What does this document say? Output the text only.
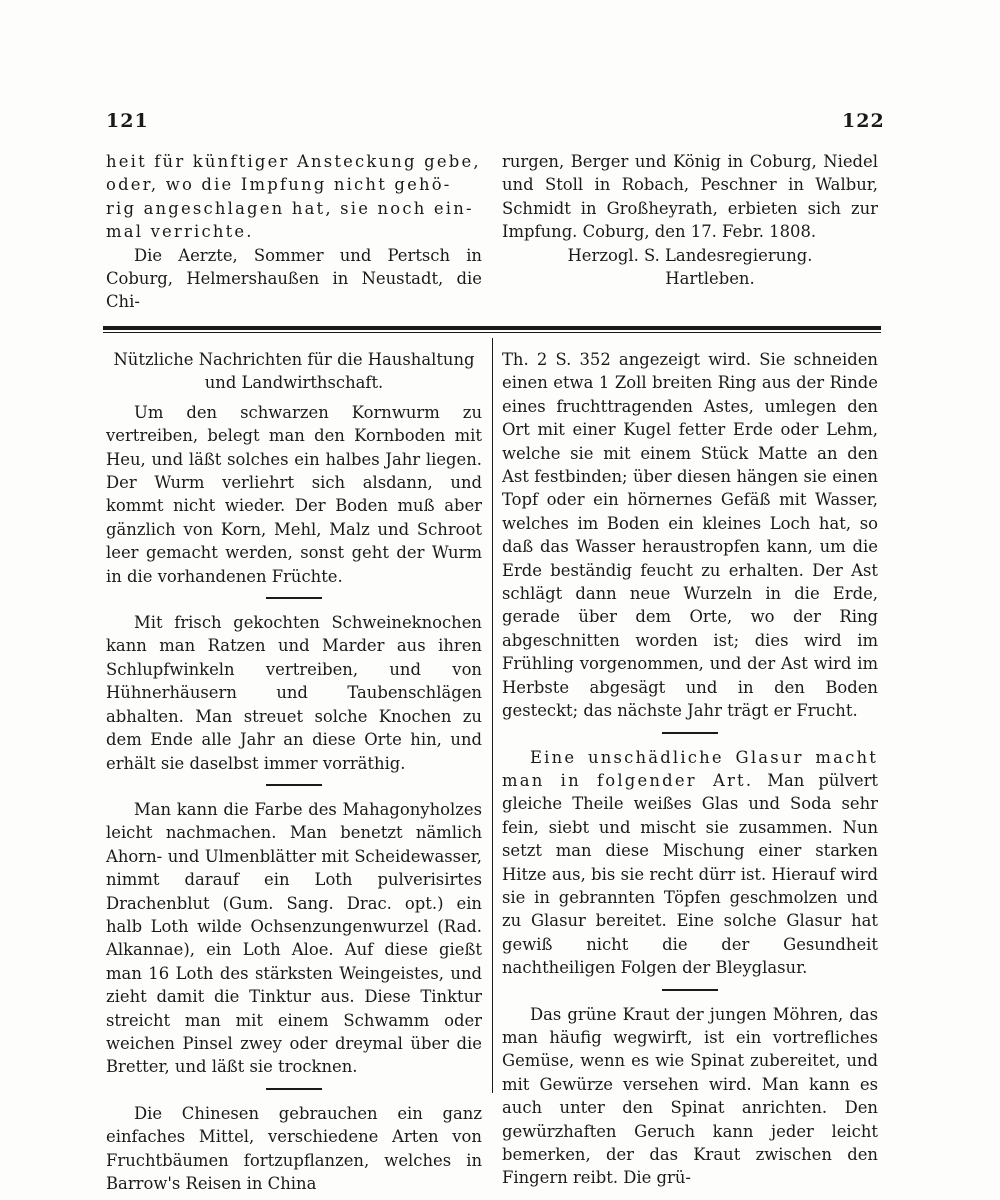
121	122

heit für künftiger Ansteckung gebe,

oder, wo die Impfung nicht gehö-

rig angeschlagen hat, sie noch ein-

mal verrichte.

Die Aerzte, Sommer und Pertsch in Coburg, Helmershaußen in Neustadt, die Chi-

rurgen, Berger und König in Coburg, Niedel und Stoll in Robach, Peschner in Walbur, Schmidt in Großheyrath, erbieten sich zur Impfung. Coburg, den 17. Febr. 1808.

Herzogl. S. Landesregierung.

Hartleben.

Nützliche Nachrichten für die Haushaltung
und Landwirthschaft.

Um den schwarzen Kornwurm zu vertreiben, belegt man den Kornboden mit Heu, und läßt solches ein halbes Jahr liegen. Der Wurm verliehrt sich alsdann, und kommt nicht wieder. Der Boden muß aber gänzlich von Korn, Mehl, Malz und Schroot leer gemacht werden, sonst geht der Wurm in die vorhandenen Früchte.

Mit frisch gekochten Schweineknochen kann man Ratzen und Marder aus ihren Schlupfwinkeln vertreiben, und von Hühnerhäusern und Taubenschlägen abhalten. Man streuet solche Knochen zu dem Ende alle Jahr an diese Orte hin, und erhält sie daselbst immer vorräthig.

Man kann die Farbe des Mahagonyholzes leicht nachmachen. Man benetzt nämlich Ahorn- und Ulmenblätter mit Scheidewasser, nimmt darauf ein Loth pulverisirtes Drachenblut (Gum. Sang. Drac. opt.) ein halb Loth wilde Ochsenzungenwurzel (Rad. Alkannae), ein Loth Aloe. Auf diese gießt man 16 Loth des stärksten Weingeistes, und zieht damit die Tinktur aus. Diese Tinktur streicht man mit einem Schwamm oder weichen Pinsel zwey oder dreymal über die Bretter, und läßt sie trocknen.

Die Chinesen gebrauchen ein ganz einfaches Mittel, verschiedene Arten von Fruchtbäumen fortzupflanzen, welches in Barrow's Reisen in China

Th. 2 S. 352 angezeigt wird. Sie schneiden einen etwa 1 Zoll breiten Ring aus der Rinde eines fruchttragenden Astes, umlegen den Ort mit einer Kugel fetter Erde oder Lehm, welche sie mit einem Stück Matte an den Ast festbinden; über diesen hängen sie einen Topf oder ein hörnernes Gefäß mit Wasser, welches im Boden ein kleines Loch hat, so daß das Wasser heraustropfen kann, um die Erde beständig feucht zu erhalten. Der Ast schlägt dann neue Wurzeln in die Erde, gerade über dem Orte, wo der Ring abgeschnitten worden ist; dies wird im Frühling vorgenommen, und der Ast wird im Herbste abgesägt und in den Boden gesteckt; das nächste Jahr trägt er Frucht.

Eine unschädliche Glasur macht man in folgender Art. Man pülvert gleiche Theile weißes Glas und Soda sehr fein, siebt und mischt sie zusammen. Nun setzt man diese Mischung einer starken Hitze aus, bis sie recht dürr ist. Hierauf wird sie in gebrannten Töpfen geschmolzen und zu Glasur bereitet. Eine solche Glasur hat gewiß nicht die der Gesundheit nachtheiligen Folgen der Bleyglasur.

Das grüne Kraut der jungen Möhren, das man häufig wegwirft, ist ein vortrefliches Gemüse, wenn es wie Spinat zubereitet, und mit Gewürze versehen wird. Man kann es auch unter den Spinat anrichten. Den gewürzhaften Geruch kann jeder leicht bemerken, der das Kraut zwischen den Fingern reibt. Die grü-
